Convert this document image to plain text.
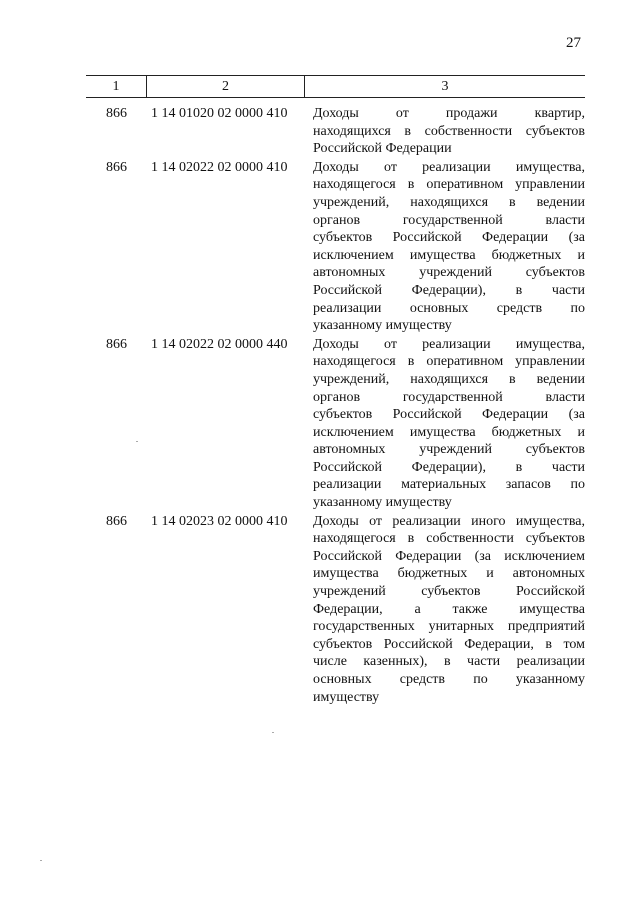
27
1	2	3
866	1 14 01020 02 0000 410	Доходы от продажи квартир,
находящихся в собственности субъектов
Российской Федерации
866	1 14 02022 02 0000 410	Доходы от реализации имущества,
находящегося в оперативном управлении
учреждений, находящихся в ведении
органов государственной власти
субъектов Российской Федерации (за
исключением имущества бюджетных и
автономных учреждений субъектов
Российской Федерации), в части
реализации основных средств по
указанному имуществу
866	1 14 02022 02 0000 440	Доходы от реализации имущества,
находящегося в оперативном управлении
учреждений, находящихся в ведении
органов государственной власти
субъектов Российской Федерации (за
исключением имущества бюджетных и
автономных учреждений субъектов
Российской Федерации), в части
реализации материальных запасов по
указанному имуществу
866	1 14 02023 02 0000 410	Доходы от реализации иного имущества,
находящегося в собственности субъектов
Российской Федерации (за исключением
имущества бюджетных и автономных
учреждений субъектов Российской
Федерации, а также имущества
государственных унитарных предприятий
субъектов Российской Федерации, в том
числе казенных), в части реализации
основных средств по указанному
имуществу
